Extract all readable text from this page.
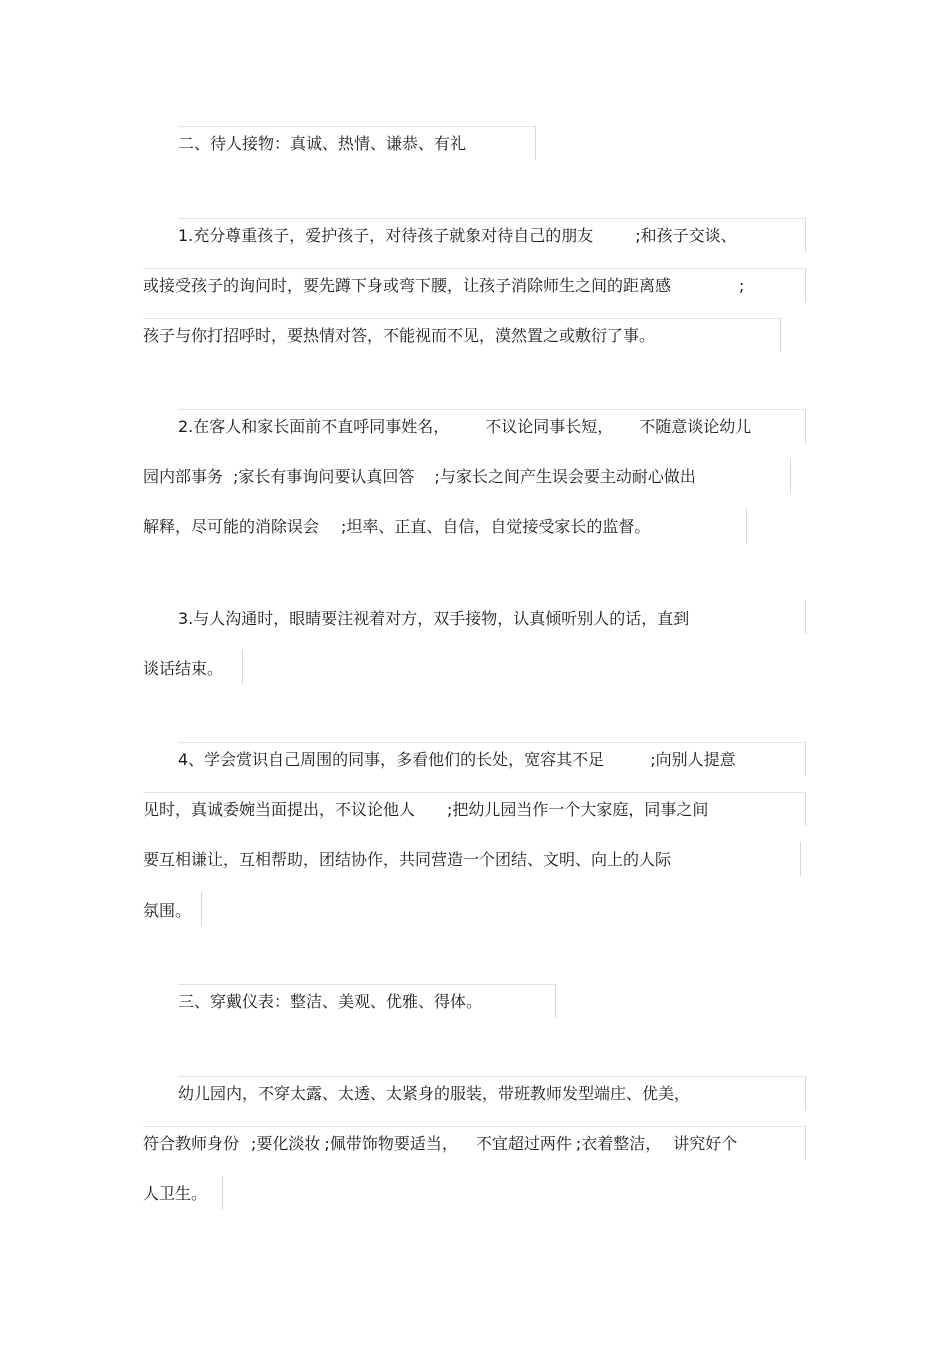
二、待人接物：真诚、热情、谦恭、有礼
1.充分尊重孩子，爱护孩子，对待孩子就象对待自己的朋友	;和孩子交谈、
或接受孩子的询问时，要先蹲下身或弯下腰，让孩子消除师生之间的距离感	;
孩子与你打招呼时，要热情对答，不能视而不见，漠然置之或敷衍了事。
2.在客人和家长面前不直呼同事姓名， 不议论同事长短， 不随意谈论幼儿
园内部事务 ;家长有事询问要认真回答 ;与家长之间产生误会要主动耐心做出
解释，尽可能的消除误会 ;坦率、正直、自信，自觉接受家长的监督。
3.与人沟通时，眼睛要注视着对方，双手接物，认真倾听别人的话，直到
谈话结束。
4、学会赏识自己周围的同事，多看他们的长处，宽容其不足	;向别人提意
见时，真诚委婉当面提出，不议论他人 ;把幼儿园当作一个大家庭，同事之间
要互相谦让，互相帮助，团结协作，共同营造一个团结、文明、向上的人际
氛围。
三、穿戴仪表：整洁、美观、优雅、得体。
幼儿园内，不穿太露、太透、太紧身的服装，带班教师发型端庄、优美，
符合教师身份 ;要化淡妆 ;佩带饰物要适当， 不宜超过两件 ;衣着整洁， 讲究好个
人卫生。
